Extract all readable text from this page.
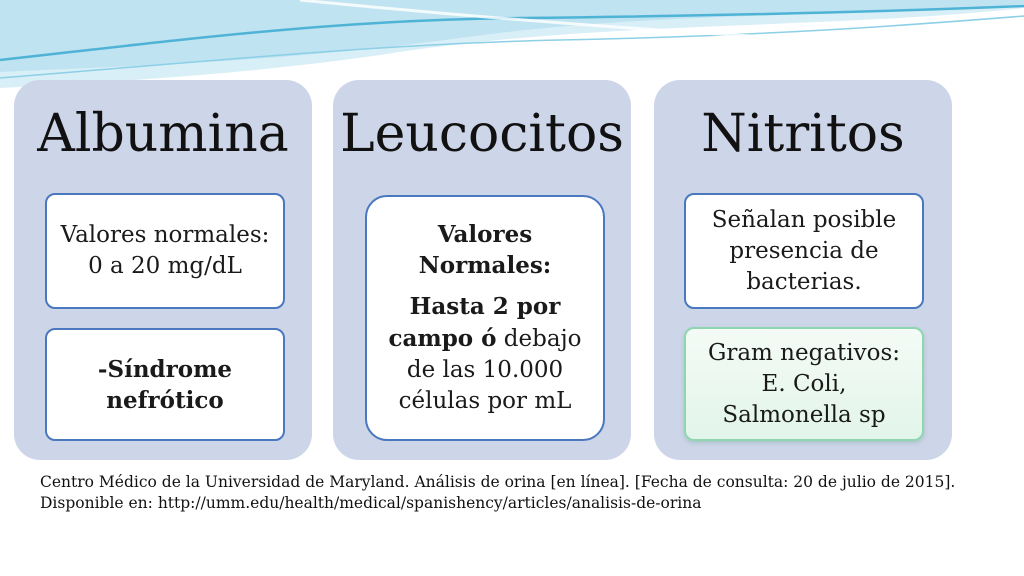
Albumina
Valores normales: 0 a 20 mg/dL
-Síndrome nefrótico
Leucocitos
Valores Normales:
Hasta 2 por campo ó debajo de las 10.000 células por mL
Nitritos
Señalan posible presencia de bacterias.
Gram negativos: E. Coli, Salmonella sp
Centro Médico de la Universidad de Maryland. Análisis de orina [en línea]. [Fecha de consulta: 20 de julio de 2015].
Disponible en: http://umm.edu/health/medical/spanishency/articles/analisis-de-orina
